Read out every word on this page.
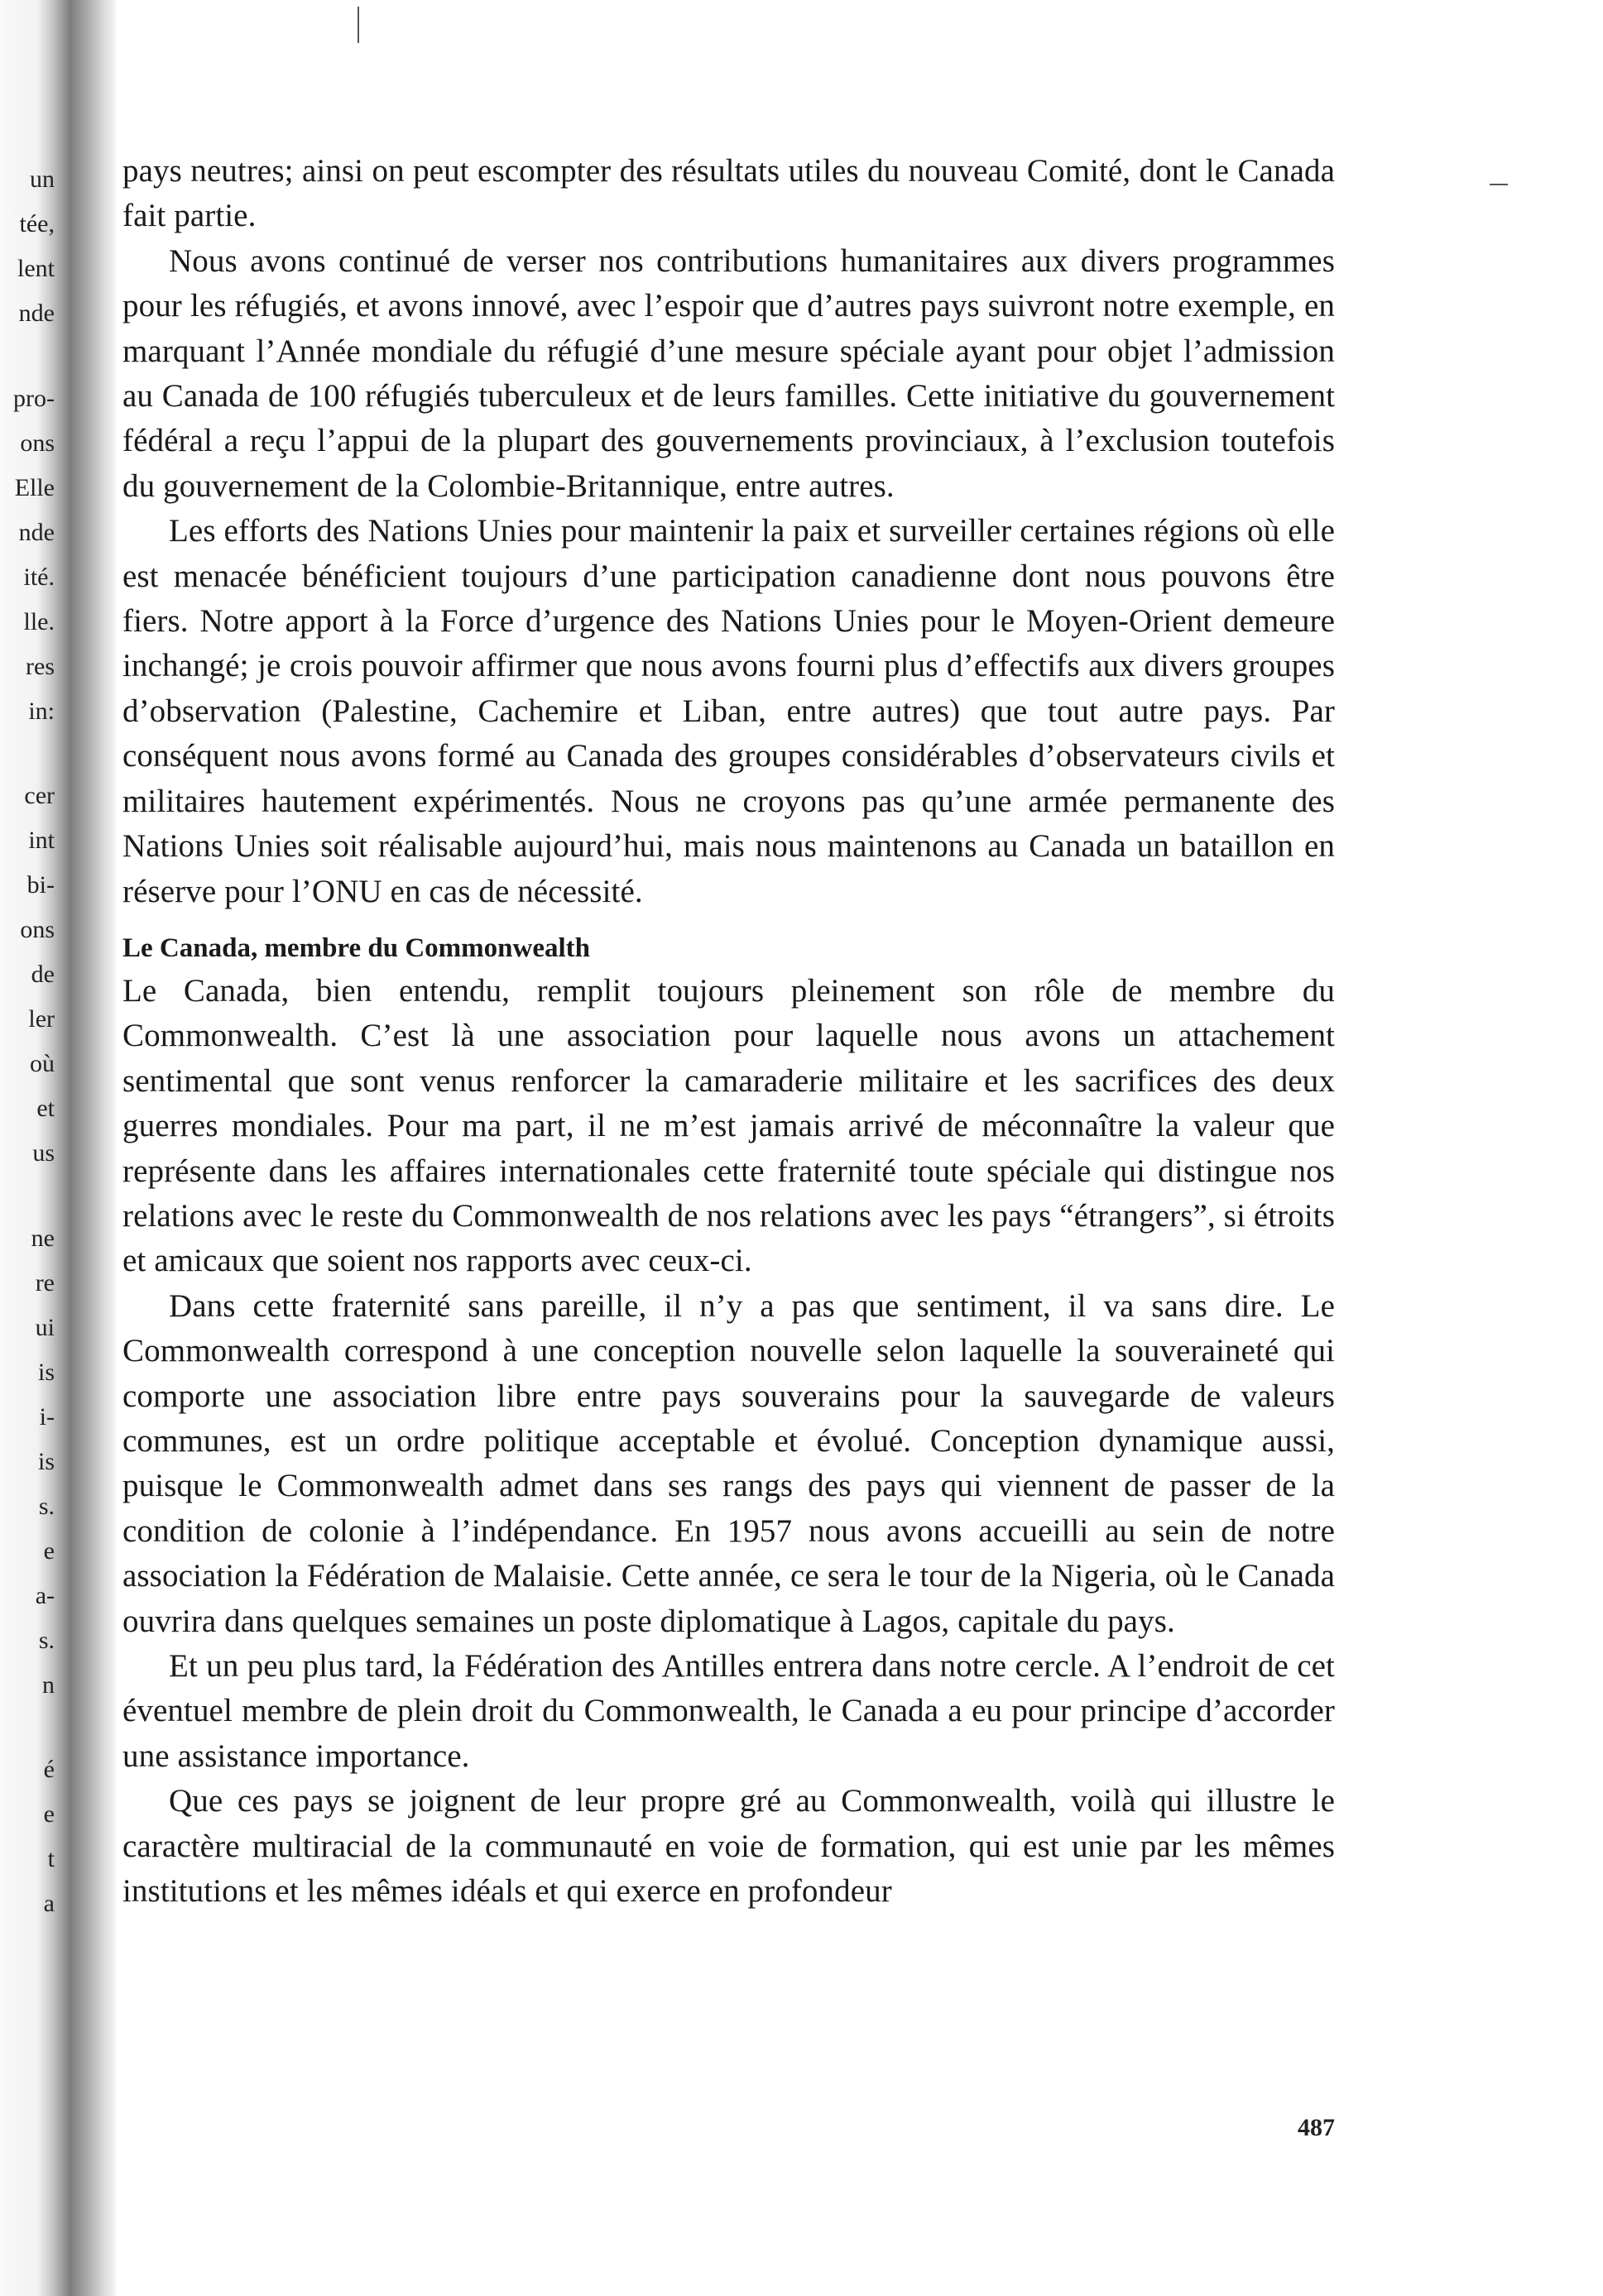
un
tée,
lent
nde
pro-
ons
Elle
nde
ité.
lle.
res
in:
cer
int
bi-
ons
de
ler
où
et
us
ne
re
ui
is
i-
is
s.
e
a-
s.
n
é
e
t
a

pays neutres; ainsi on peut escompter des résultats utiles du nouveau Comité, dont le Canada fait partie.

Nous avons continué de verser nos contributions humanitaires aux divers programmes pour les réfugiés, et avons innové, avec l’espoir que d’autres pays suivront notre exemple, en marquant l’Année mondiale du réfugié d’une mesure spéciale ayant pour objet l’admission au Canada de 100 réfugiés tuberculeux et de leurs familles. Cette initiative du gouvernement fédéral a reçu l’appui de la plupart des gouvernements provinciaux, à l’exclusion toutefois du gouvernement de la Colombie-Britannique, entre autres.

Les efforts des Nations Unies pour maintenir la paix et surveiller certaines régions où elle est menacée bénéficient toujours d’une participation canadienne dont nous pouvons être fiers. Notre apport à la Force d’urgence des Nations Unies pour le Moyen-Orient demeure inchangé; je crois pouvoir affirmer que nous avons fourni plus d’effectifs aux divers groupes d’observation (Palestine, Cachemire et Liban, entre autres) que tout autre pays. Par conséquent nous avons formé au Canada des groupes considérables d’observateurs civils et militaires hautement expérimentés. Nous ne croyons pas qu’une armée permanente des Nations Unies soit réalisable aujourd’hui, mais nous maintenons au Canada un bataillon en réserve pour l’ONU en cas de nécessité.

Le Canada, membre du Commonwealth

Le Canada, bien entendu, remplit toujours pleinement son rôle de membre du Commonwealth. C’est là une association pour laquelle nous avons un attachement sentimental que sont venus renforcer la camaraderie militaire et les sacrifices des deux guerres mondiales. Pour ma part, il ne m’est jamais arrivé de méconnaître la valeur que représente dans les affaires internationales cette fraternité toute spéciale qui distingue nos relations avec le reste du Commonwealth de nos relations avec les pays “étrangers”, si étroits et amicaux que soient nos rapports avec ceux-ci.

Dans cette fraternité sans pareille, il n’y a pas que sentiment, il va sans dire. Le Commonwealth correspond à une conception nouvelle selon laquelle la souveraineté qui comporte une association libre entre pays souverains pour la sauvegarde de valeurs communes, est un ordre politique acceptable et évolué. Conception dynamique aussi, puisque le Commonwealth admet dans ses rangs des pays qui viennent de passer de la condition de colonie à l’indépendance. En 1957 nous avons accueilli au sein de notre association la Fédération de Malaisie. Cette année, ce sera le tour de la Nigeria, où le Canada ouvrira dans quelques semaines un poste diplomatique à Lagos, capitale du pays.

Et un peu plus tard, la Fédération des Antilles entrera dans notre cercle. A l’endroit de cet éventuel membre de plein droit du Commonwealth, le Canada a eu pour principe d’accorder une assistance importance.

Que ces pays se joignent de leur propre gré au Commonwealth, voilà qui illustre le caractère multiracial de la communauté en voie de formation, qui est unie par les mêmes institutions et les mêmes idéals et qui exerce en profondeur

487
